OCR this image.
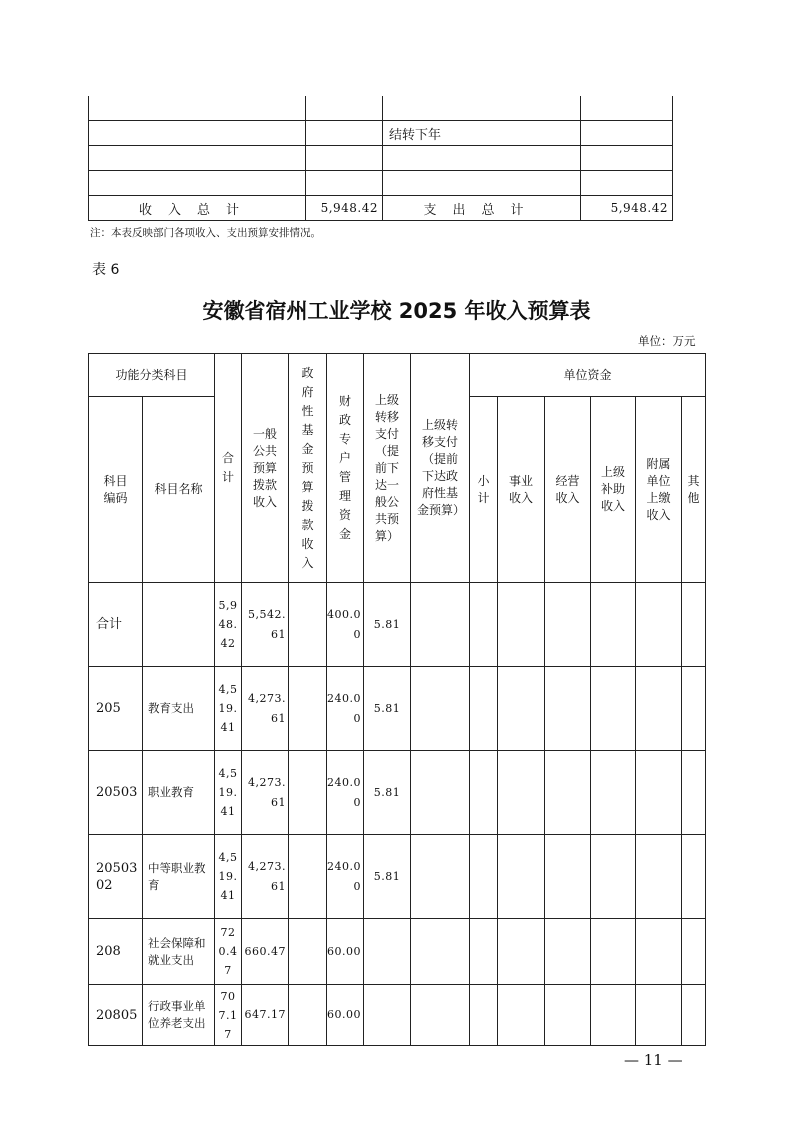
		结转下年	

收入总计	5,948.42	支出总计	5,948.42
注：本表反映部门各项收入、支出预算安排情况。
表 6
安徽省宿州工业学校 2025 年收入预算表
单位：万元
功能分类科目		合计	一般公共预算拨款收入	政府性基金预算拨款收入	财政专户管理资金	上级转移支付（提前下达一般公共预算）	上级转移支付（提前下达政府性基金预算）	单位资金					
科目编码	科目名称							小计	事业收入	经营收入	上级补助收入	附属单位上缴收入	其他
合计		5,948.42	5,542.61		400.00	5.81							
205	教育支出	4,519.41	4,273.61		240.00	5.81							
20503	职业教育	4,519.41	4,273.61		240.00	5.81							
2050302	中等职业教育	4,519.41	4,273.61		240.00	5.81							
208	社会保障和就业支出	720.47	660.47		60.00								
20805	行政事业单位养老支出	707.17	647.17		60.00								
— 11 —
